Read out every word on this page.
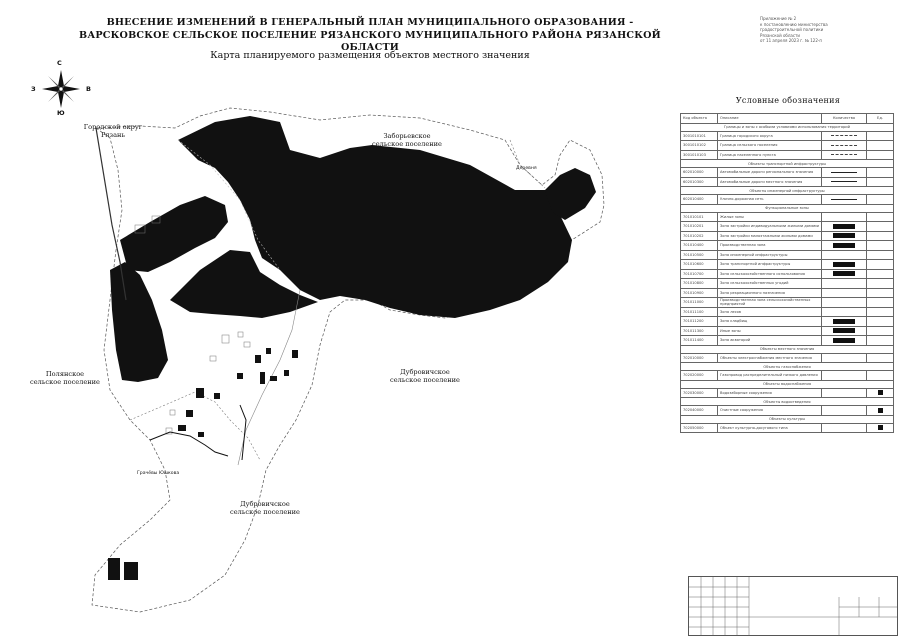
ВНЕСЕНИЕ ИЗМЕНЕНИЙ В ГЕНЕРАЛЬНЫЙ ПЛАН МУНИЦИПАЛЬНОГО ОБРАЗОВАНИЯ -
ВАРСКОВСКОЕ СЕЛЬСКОЕ ПОСЕЛЕНИЕ РЯЗАНСКОГО МУНИЦИПАЛЬНОГО РАЙОНА РЯЗАНСКОЙ ОБЛАСТИ
Карта планируемого размещения объектов местного значения
Приложение № 2
к постановлению министерства
градостроительной политики
Рязанской области
от 11 апреля 2023 г. № 122-п
С
Ю
З	В
Городской округ
Рязань	Заборьевское
сельское поселение
Полянское
сельское поселение
Дубровичское
сельское поселение
Дубровичское
сельское поселение
Грачёвы Юшкова
Деревня
Условные обозначения
Код объекта	Описание	Количество	Ед.
Границы и зоны с особыми условиями использования территорий			
3001010101	Граница городского округа		
3001010102	Граница сельского поселения		
3001010103	Граница населенного пункта		
Объекты транспортной инфраструктуры			
602010000	Автомобильные дороги регионального значения		
602010300	Автомобильные дороги местного значения		
Объекты инженерной инфраструктуры			
602010400	Улично-дорожная сеть		
Функциональные зоны			
701010101	Жилые зоны		
701010201	Зона застройки индивидуальными жилыми домами		
701010202	Зона застройки малоэтажными жилыми домами		
701010400	Производственная зона		
701010500	Зона инженерной инфраструктуры		
701010600	Зона транспортной инфраструктуры		
701010700	Зона сельскохозяйственного использования		
701010800	Зона сельскохозяйственных угодий		
701010900	Зона рекреационного назначения		
701011000	Производственная зона сельскохозяйственных предприятий		
701011100	Зона лесов		
701011200	Зона кладбищ		
701011300	Иные зоны		
701011400	Зона акваторий		
Объекты местного значения			
702010000	Объекты электроснабжения местного значения		
Объекты газоснабжения			
702020000	Газопровод распределительный низкого давления		
Объекты водоснабжения			
702030000	Водозаборные сооружения		
Объекты водоотведения			
702040000	Очистные сооружения		
Объекты культуры			
702050000	Объект культурно-досугового типа		
